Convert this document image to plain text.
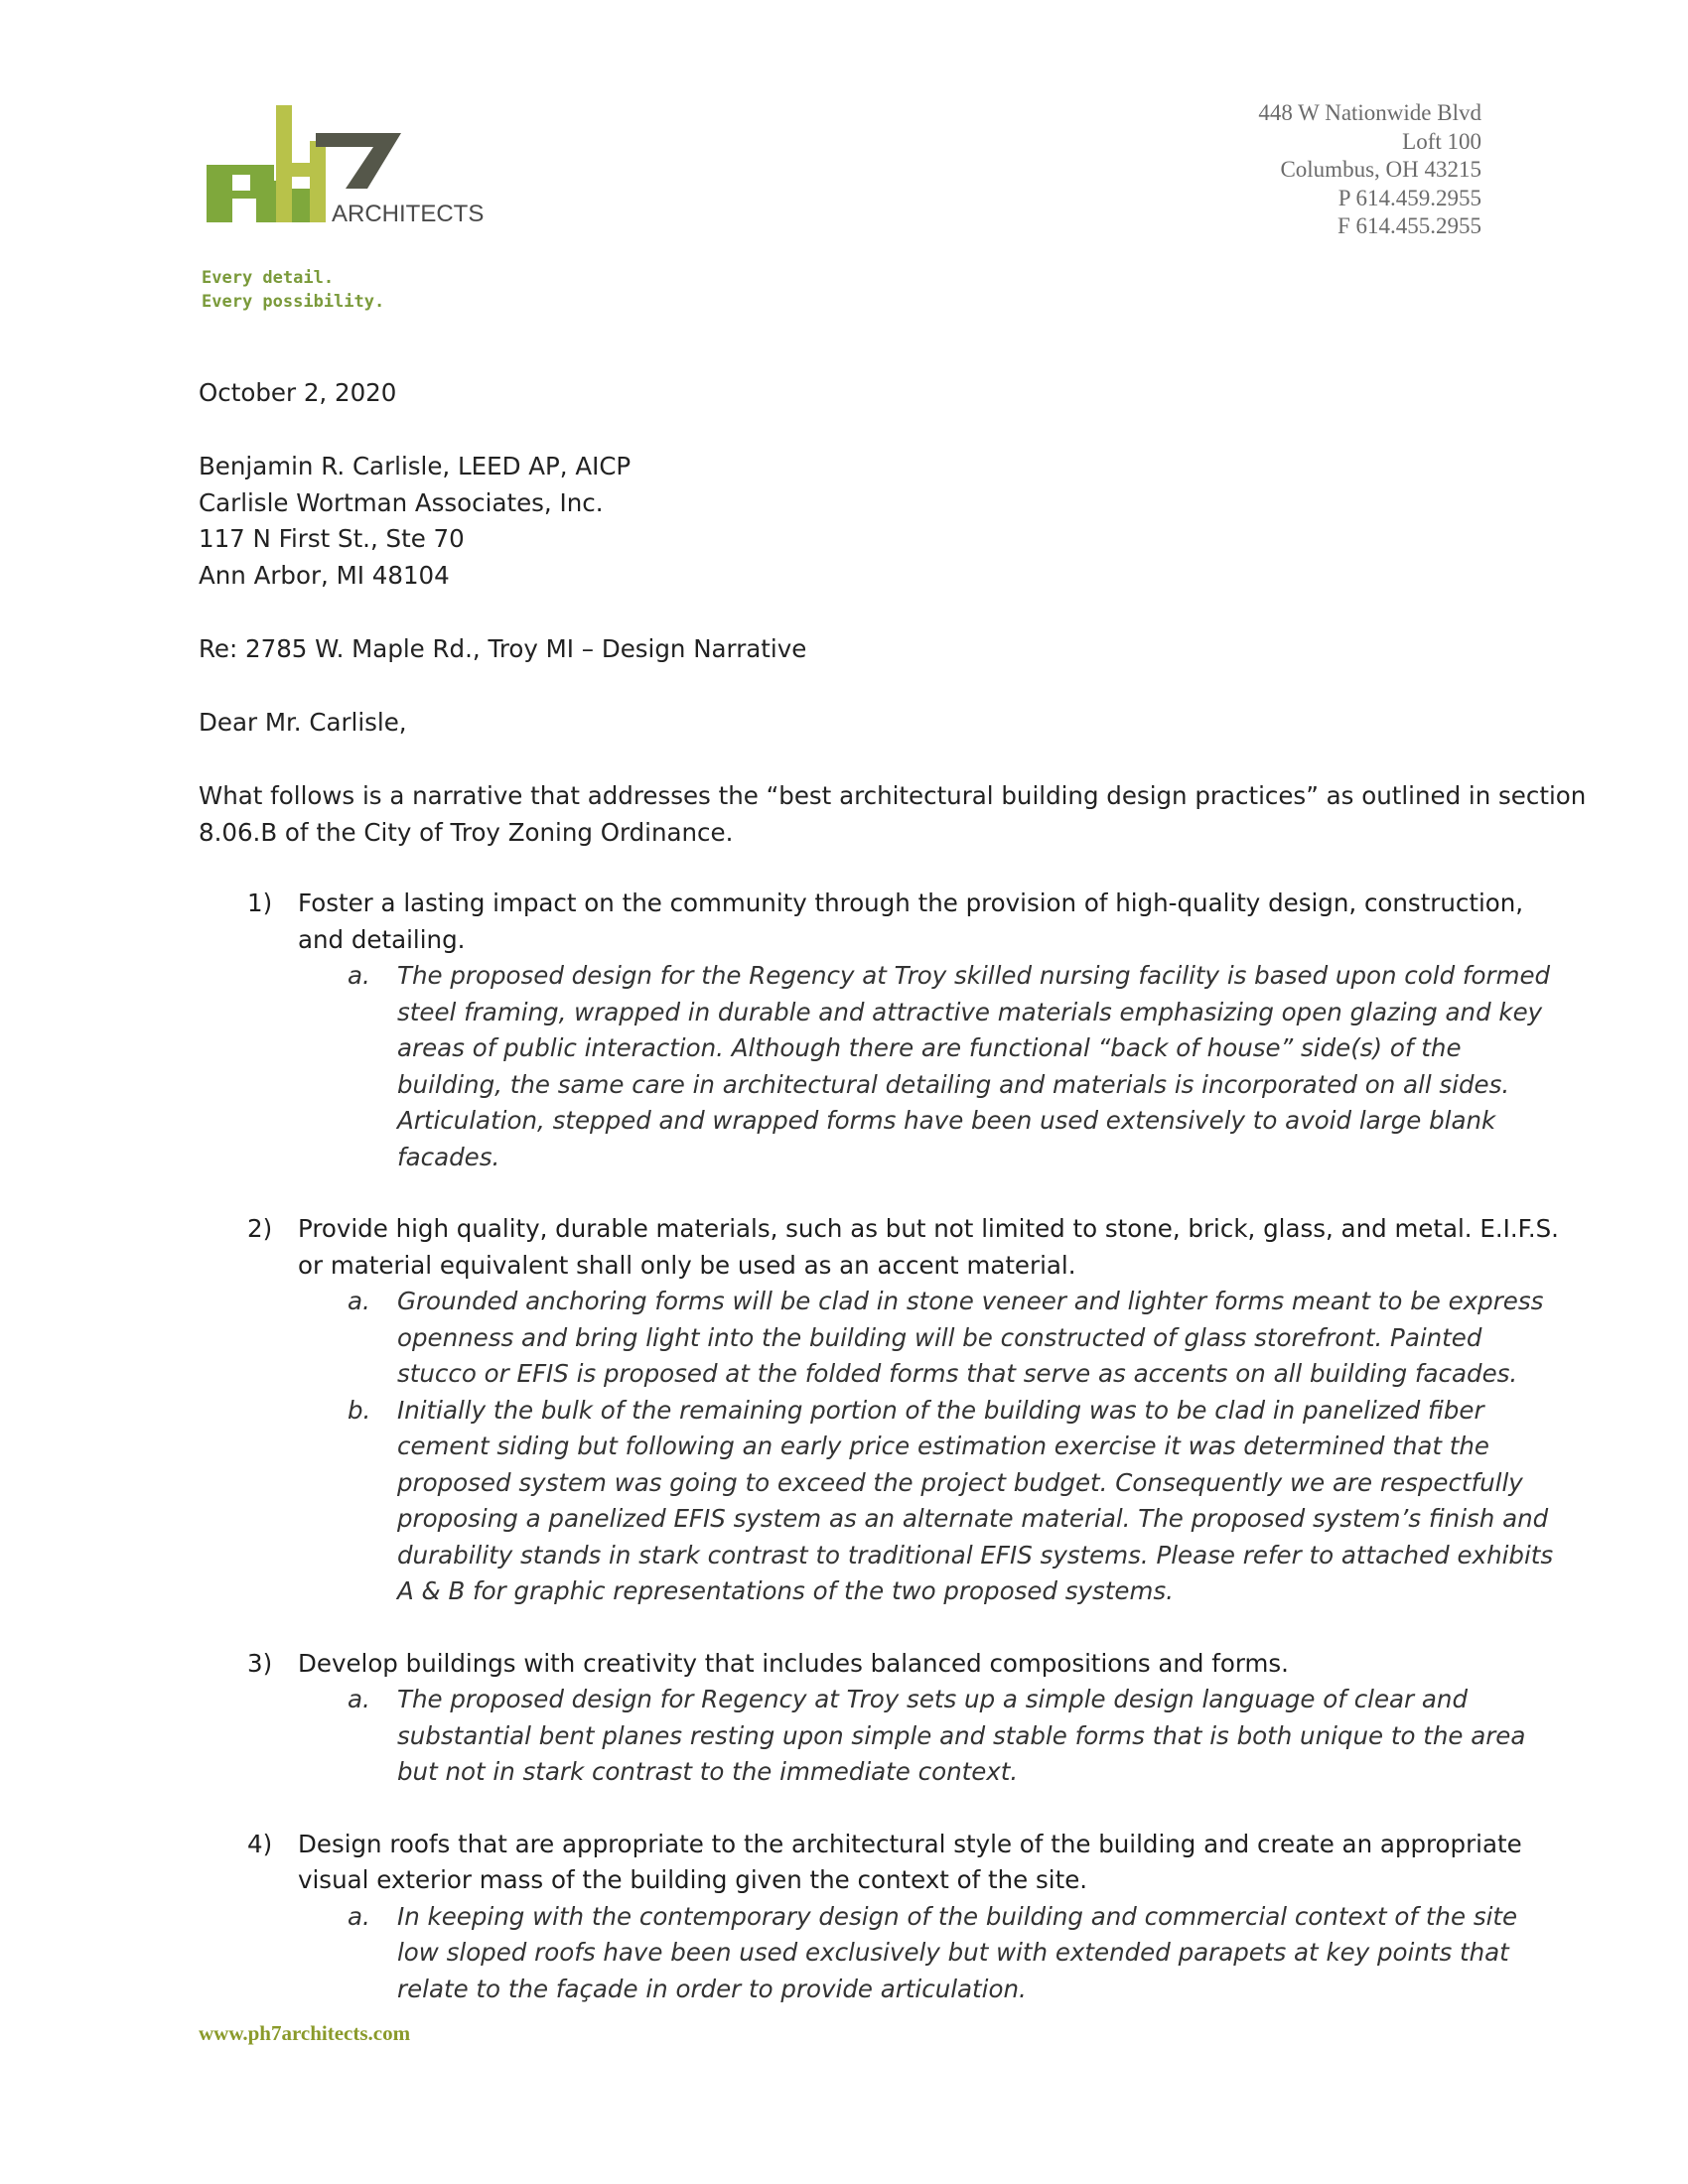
ph7
ARCHITECTS
Every detail.
Every possibility.
448 W Nationwide Blvd
Loft 100
Columbus, OH 43215
P 614.459.2955
F 614.455.2955
October 2, 2020
Benjamin R. Carlisle, LEED AP, AICP
Carlisle Wortman Associates, Inc.
117 N First St., Ste 70
Ann Arbor, MI 48104
Re: 2785 W. Maple Rd., Troy MI – Design Narrative
Dear Mr. Carlisle,
What follows is a narrative that addresses the “best architectural building design practices” as outlined in section
8.06.B of the City of Troy Zoning Ordinance.
1) Foster a lasting impact on the community through the provision of high-quality design, construction,
and detailing.
a. The proposed design for the Regency at Troy skilled nursing facility is based upon cold formed
steel framing, wrapped in durable and attractive materials emphasizing open glazing and key
areas of public interaction. Although there are functional “back of house” side(s) of the
building, the same care in architectural detailing and materials is incorporated on all sides.
Articulation, stepped and wrapped forms have been used extensively to avoid large blank
facades.
2) Provide high quality, durable materials, such as but not limited to stone, brick, glass, and metal. E.I.F.S.
or material equivalent shall only be used as an accent material.
a. Grounded anchoring forms will be clad in stone veneer and lighter forms meant to be express
openness and bring light into the building will be constructed of glass storefront. Painted
stucco or EFIS is proposed at the folded forms that serve as accents on all building facades.
b. Initially the bulk of the remaining portion of the building was to be clad in panelized fiber
cement siding but following an early price estimation exercise it was determined that the
proposed system was going to exceed the project budget. Consequently we are respectfully
proposing a panelized EFIS system as an alternate material. The proposed system’s finish and
durability stands in stark contrast to traditional EFIS systems. Please refer to attached exhibits
A & B for graphic representations of the two proposed systems.
3) Develop buildings with creativity that includes balanced compositions and forms.
a. The proposed design for Regency at Troy sets up a simple design language of clear and
substantial bent planes resting upon simple and stable forms that is both unique to the area
but not in stark contrast to the immediate context.
4) Design roofs that are appropriate to the architectural style of the building and create an appropriate
visual exterior mass of the building given the context of the site.
a. In keeping with the contemporary design of the building and commercial context of the site
low sloped roofs have been used exclusively but with extended parapets at key points that
relate to the façade in order to provide articulation.
www.ph7architects.com
